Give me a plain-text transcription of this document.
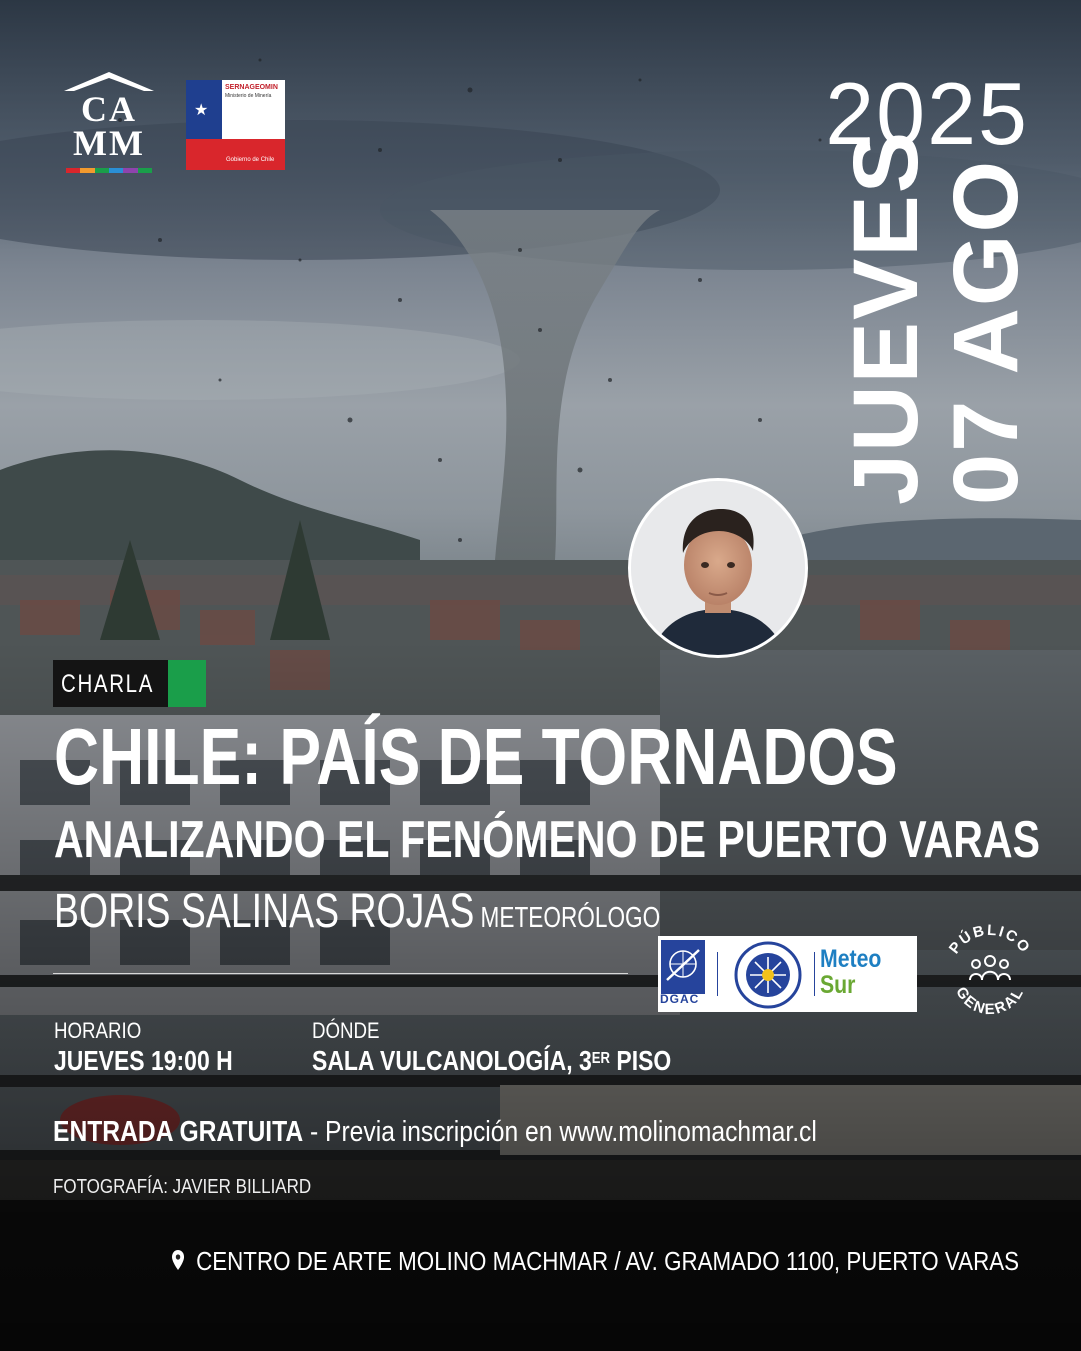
CA
MM
★
SERNAGEOMIN
Ministerio de Minería
Gobierno de Chile	2025
JUEVES
07 AGO
CHARLA
CHILE: PAÍS DE TORNADOS
ANALIZANDO EL FENÓMENO DE PUERTO VARAS
BORIS SALINAS ROJAS METEORÓLOGO
HORARIO
JUEVES 19:00 H
DÓNDE
SALA VULCANOLOGÍA, 3ER PISO
ENTRADA GRATUITA - Previa inscripción en www.molinomachmar.cl
FOTOGRAFÍA: JAVIER BILLIARD
CENTRO DE ARTE MOLINO MACHMAR / AV. GRAMADO 1100, PUERTO VARAS
DGAC
Meteo
Sur
PÚBLICO
GENERAL
